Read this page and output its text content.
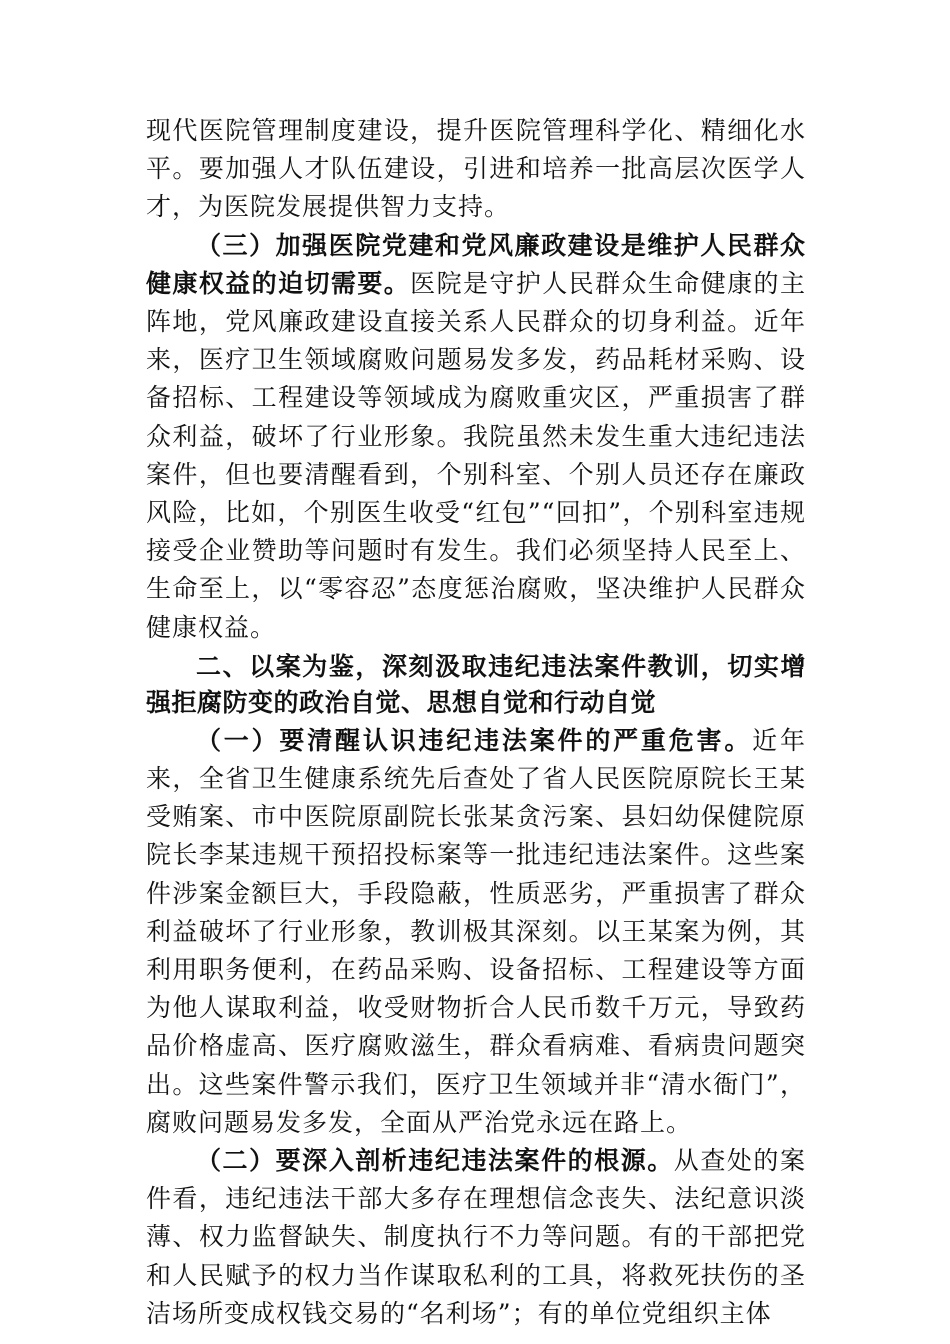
现代医院管理制度建设，提升医院管理科学化、精细化水平。要加强人才队伍建设，引进和培养一批高层次医学人才，为医院发展提供智力支持。

（三）加强医院党建和党风廉政建设是维护人民群众健康权益的迫切需要。医院是守护人民群众生命健康的主阵地，党风廉政建设直接关系人民群众的切身利益。近年来，医疗卫生领域腐败问题易发多发，药品耗材采购、设备招标、工程建设等领域成为腐败重灾区，严重损害了群众利益，破坏了行业形象。我院虽然未发生重大违纪违法案件，但也要清醒看到，个别科室、个别人员还存在廉政风险，比如，个别医生收受“红包”“回扣”，个别科室违规接受企业赞助等问题时有发生。我们必须坚持人民至上、生命至上，以“零容忍”态度惩治腐败，坚决维护人民群众健康权益。

二、以案为鉴，深刻汲取违纪违法案件教训，切实增强拒腐防变的政治自觉、思想自觉和行动自觉

（一）要清醒认识违纪违法案件的严重危害。近年来，全省卫生健康系统先后查处了省人民医院原院长王某受贿案、市中医院原副院长张某贪污案、县妇幼保健院原院长李某违规干预招投标案等一批违纪违法案件。这些案件涉案金额巨大，手段隐蔽，性质恶劣，严重损害了群众利益破坏了行业形象，教训极其深刻。以王某案为例，其利用职务便利，在药品采购、设备招标、工程建设等方面为他人谋取利益，收受财物折合人民币数千万元，导致药品价格虚高、医疗腐败滋生，群众看病难、看病贵问题突出。这些案件警示我们，医疗卫生领域并非“清水衙门”，腐败问题易发多发，全面从严治党永远在路上。

（二）要深入剖析违纪违法案件的根源。从查处的案件看，违纪违法干部大多存在理想信念丧失、法纪意识淡薄、权力监督缺失、制度执行不力等问题。有的干部把党和人民赋予的权力当作谋取私利的工具，将救死扶伤的圣洁场所变成权钱交易的“名利场”；有的单位党组织主体
